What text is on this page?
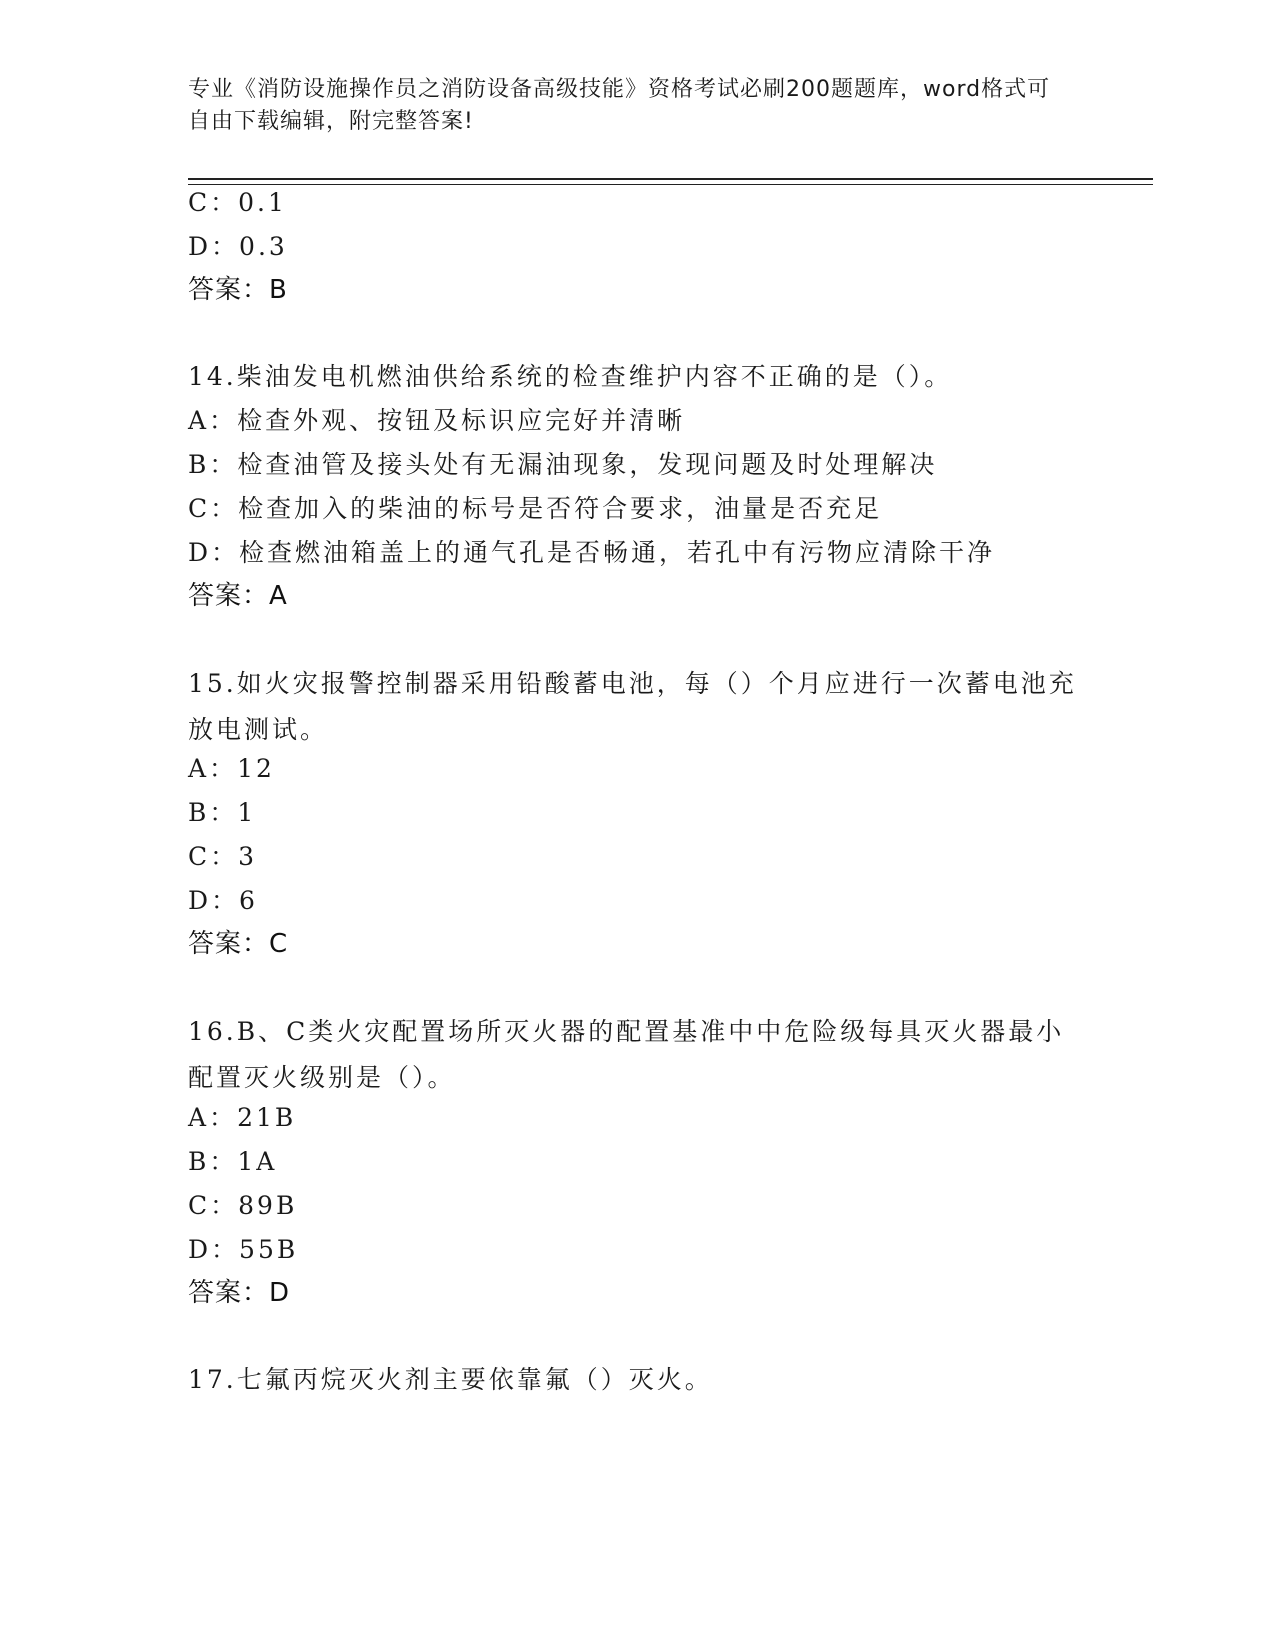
专业《消防设施操作员之消防设备高级技能》资格考试必刷200题题库，word格式可自由下载编辑，附完整答案!
C：0.1
D：0.3
答案：B
14.柴油发电机燃油供给系统的检查维护内容不正确的是（）。
A：检查外观、按钮及标识应完好并清晰
B：检查油管及接头处有无漏油现象，发现问题及时处理解决
C：检查加入的柴油的标号是否符合要求，油量是否充足
D：检查燃油箱盖上的通气孔是否畅通，若孔中有污物应清除干净
答案：A
15.如火灾报警控制器采用铅酸蓄电池，每（）个月应进行一次蓄电池充放电测试。
A：12
B：1
C：3
D：6
答案：C
16.B、C类火灾配置场所灭火器的配置基准中中危险级每具灭火器最小配置灭火级别是（）。
A：21B
B：1A
C：89B
D：55B
答案：D
17.七氟丙烷灭火剂主要依靠氟（）灭火。
